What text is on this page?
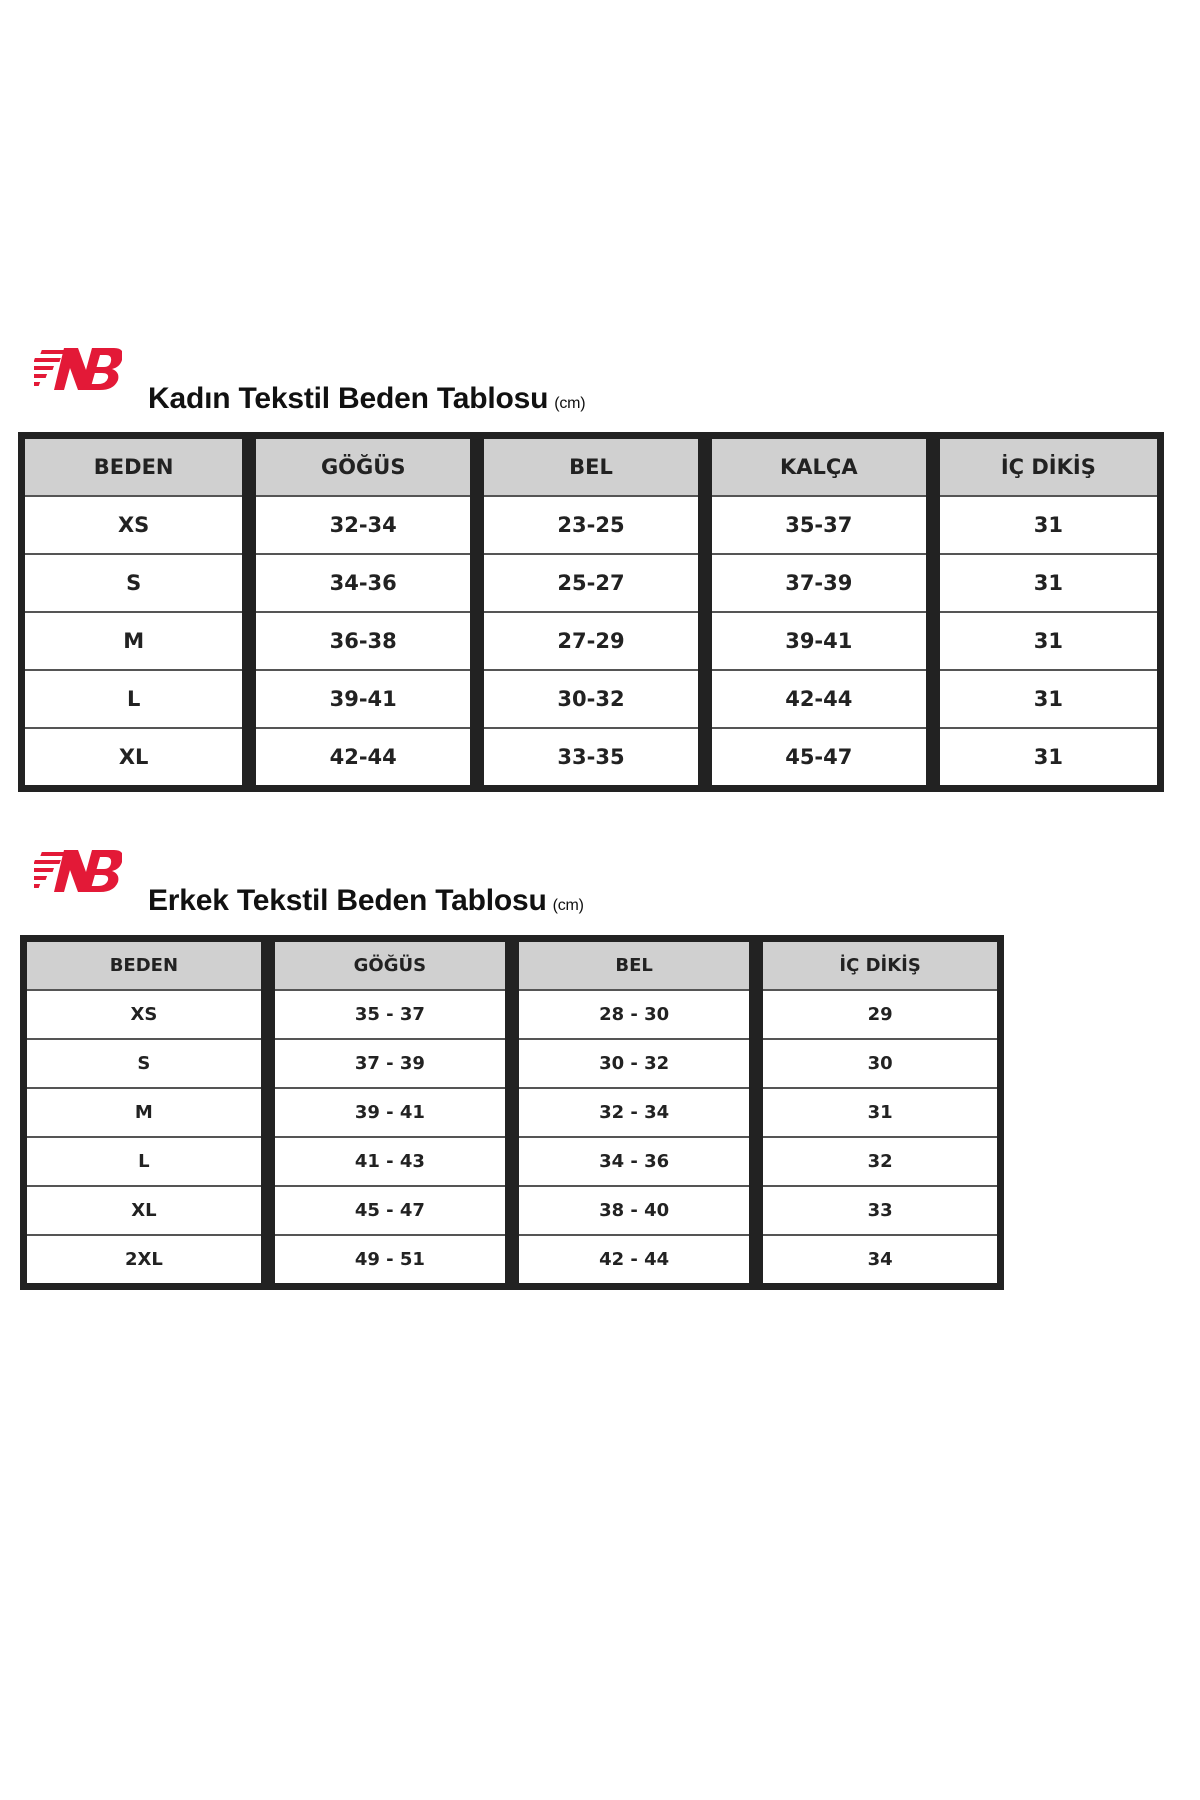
Kadın Tekstil Beden Tablosu (cm)
BEDEN	GÖĞÜS	BEL	KALÇA	İÇ DİKİŞ
XS	32-34	23-25	35-37	31
S	34-36	25-27	37-39	31
M	36-38	27-29	39-41	31
L	39-41	30-32	42-44	31
XL	42-44	33-35	45-47	31
Erkek Tekstil Beden Tablosu (cm)
BEDEN	GÖĞÜS	BEL	İÇ DİKİŞ
XS	35 - 37	28 - 30	29
S	37 - 39	30 - 32	30
M	39 - 41	32 - 34	31
L	41 - 43	34 - 36	32
XL	45 - 47	38 - 40	33
2XL	49 - 51	42 - 44	34
